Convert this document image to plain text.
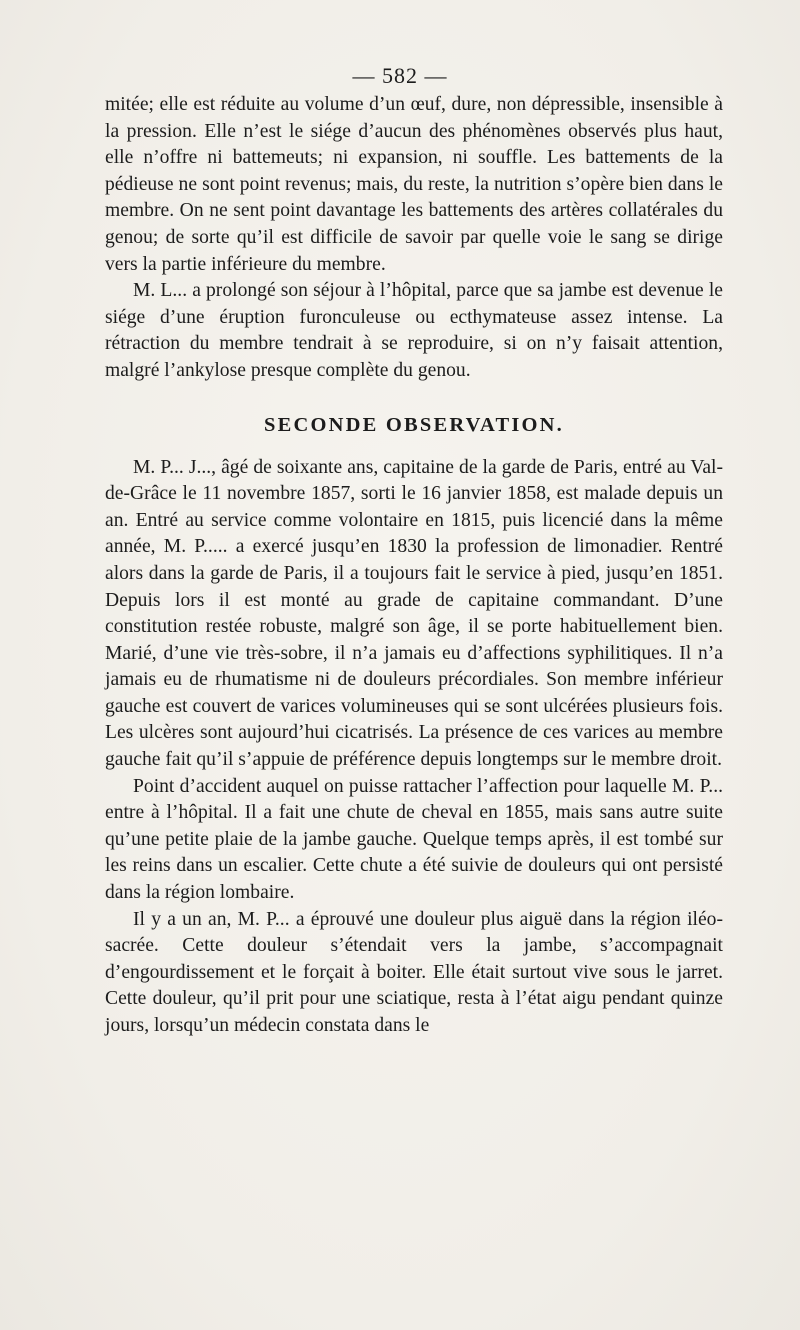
— 582 —

mitée; elle est réduite au volume d’un œuf, dure, non dépressible, insensible à la pression. Elle n’est le siége d’aucun des phénomènes observés plus haut, elle n’offre ni battemeuts; ni expansion, ni souffle. Les battements de la pédieuse ne sont point revenus; mais, du reste, la nutrition s’opère bien dans le membre. On ne sent point davantage les battements des artères collatérales du genou; de sorte qu’il est difficile de savoir par quelle voie le sang se dirige vers la partie inférieure du membre.

M. L... a prolongé son séjour à l’hôpital, parce que sa jambe est devenue le siége d’une éruption furonculeuse ou ecthymateuse assez intense. La rétraction du membre tendrait à se reproduire, si on n’y faisait attention, malgré l’ankylose presque complète du genou.

SECONDE OBSERVATION.

M. P... J..., âgé de soixante ans, capitaine de la garde de Paris, entré au Val-de-Grâce le 11 novembre 1857, sorti le 16 janvier 1858, est malade depuis un an. Entré au service comme volontaire en 1815, puis licencié dans la même année, M. P..... a exercé jusqu’en 1830 la profession de limonadier. Rentré alors dans la garde de Paris, il a toujours fait le service à pied, jusqu’en 1851. Depuis lors il est monté au grade de capitaine commandant. D’une constitution restée robuste, malgré son âge, il se porte habituellement bien. Marié, d’une vie très-sobre, il n’a jamais eu d’affections syphilitiques. Il n’a jamais eu de rhumatisme ni de douleurs précordiales. Son membre inférieur gauche est couvert de varices volumineuses qui se sont ulcérées plusieurs fois. Les ulcères sont aujourd’hui cicatrisés. La présence de ces varices au membre gauche fait qu’il s’appuie de préférence depuis longtemps sur le membre droit.

Point d’accident auquel on puisse rattacher l’affection pour laquelle M. P... entre à l’hôpital. Il a fait une chute de cheval en 1855, mais sans autre suite qu’une petite plaie de la jambe gauche. Quelque temps après, il est tombé sur les reins dans un escalier. Cette chute a été suivie de douleurs qui ont persisté dans la région lombaire.

Il y a un an, M. P... a éprouvé une douleur plus aiguë dans la région iléo-sacrée. Cette douleur s’étendait vers la jambe, s’accompagnait d’engourdissement et le forçait à boiter. Elle était surtout vive sous le jarret. Cette douleur, qu’il prit pour une sciatique, resta à l’état aigu pendant quinze jours, lorsqu’un médecin constata dans le
